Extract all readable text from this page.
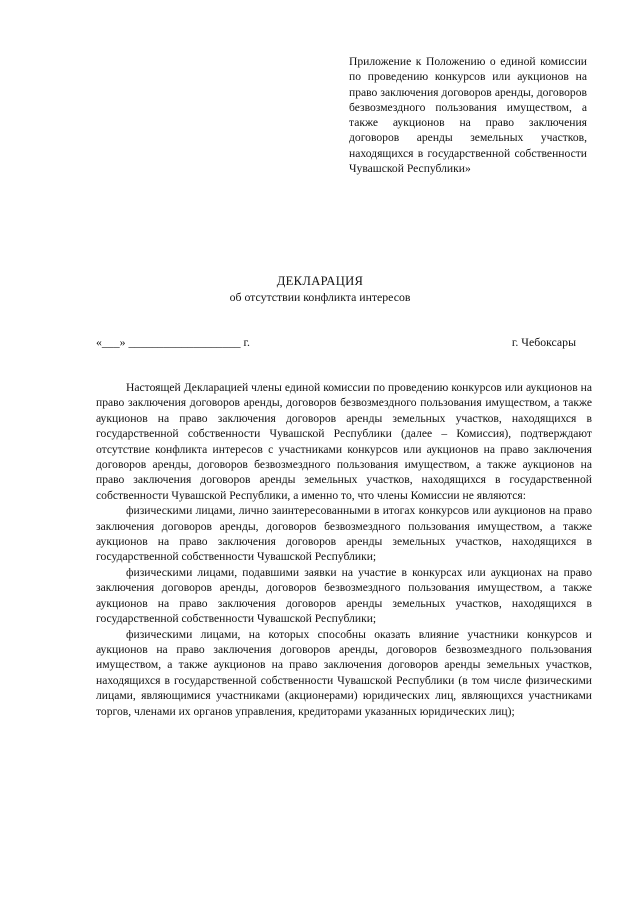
Приложение к Положению о единой комиссии по проведению конкурсов или аукционов на право заключения договоров аренды, договоров безвозмездного пользования имуществом, а также аукционов на право заключения договоров аренды земельных участков, находящихся в государственной собственности Чувашской Республики»
ДЕКЛАРАЦИЯ
об отсутствии конфликта интересов
«___» ___________________ г.	г. Чебоксары

Настоящей Декларацией члены единой комиссии по проведению конкурсов или аукционов на право заключения договоров аренды, договоров безвозмездного пользования имуществом, а также аукционов на право заключения договоров аренды земельных участков, находящихся в государственной собственности Чувашской Республики (далее – Комиссия), подтверждают отсутствие конфликта интересов с участниками конкурсов или аукционов на право заключения договоров аренды, договоров безвозмездного пользования имуществом, а также аукционов на право заключения договоров аренды земельных участков, находящихся в государственной собственности Чувашской Республики, а именно то, что члены Комиссии не являются:

физическими лицами, лично заинтересованными в итогах конкурсов или аукционов на право заключения договоров аренды, договоров безвозмездного пользования имуществом, а также аукционов на право заключения договоров аренды земельных участков, находящихся в государственной собственности Чувашской Республики;

физическими лицами, подавшими заявки на участие в конкурсах или аукционах на право заключения договоров аренды, договоров безвозмездного пользования имуществом, а также аукционов на право заключения договоров аренды земельных участков, находящихся в государственной собственности Чувашской Республики;

физическими лицами, на которых способны оказать влияние участники конкурсов и аукционов на право заключения договоров аренды, договоров безвозмездного пользования имуществом, а также аукционов на право заключения договоров аренды земельных участков, находящихся в государственной собственности Чувашской Республики (в том числе физическими лицами, являющимися участниками (акционерами) юридических лиц, являющихся участниками торгов, членами их органов управления, кредиторами указанных юридических лиц);
